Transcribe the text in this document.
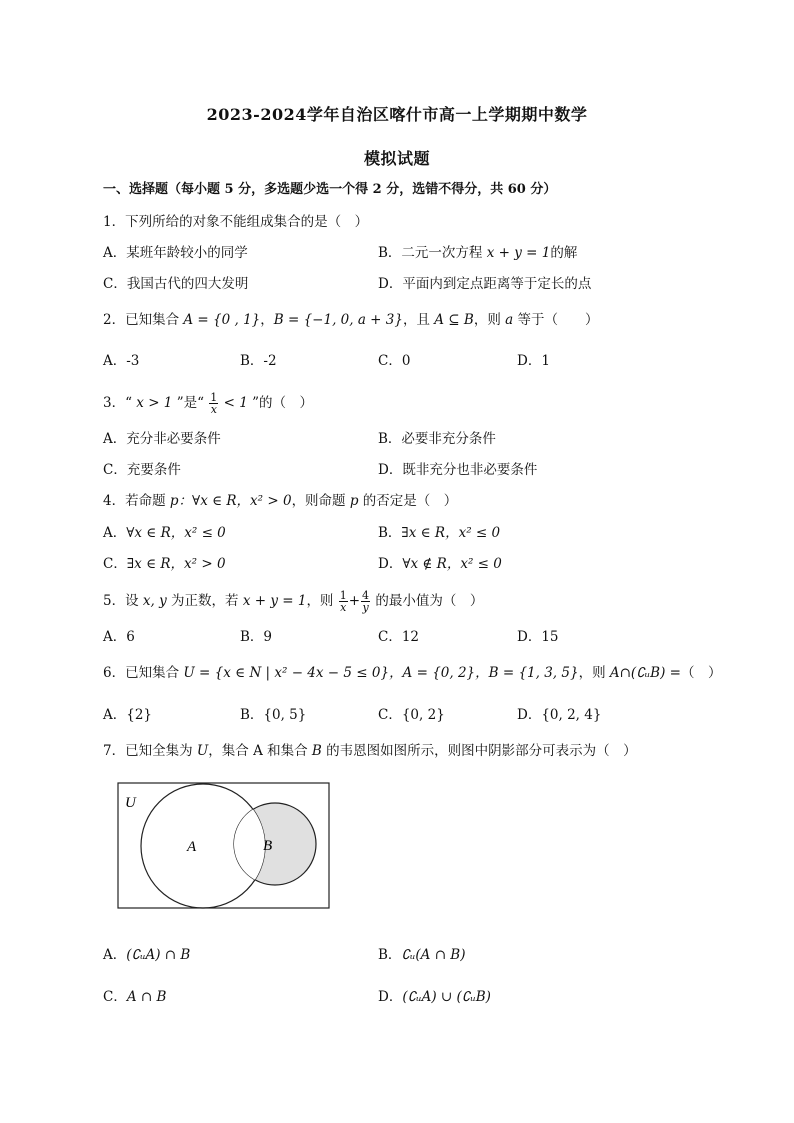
2023-2024学年自治区喀什市高一上学期期中数学
模拟试题
一、选择题（每小题 5 分，多选题少选一个得 2 分，选错不得分，共 60 分）
1．下列所给的对象不能组成集合的是（　）
A．某班年龄较小的同学	B．二元一次方程 x + y = 1的解
C．我国古代的四大发明	D．平面内到定点距离等于定长的点
2．已知集合 A = {0 , 1}，B = {−1, 0, a + 3}，且 A ⊆ B，则 a 等于（　　）
A．-3	B．-2	C．0	D．1
3．“ x > 1 ”是“ $\frac{1}{x} < 1$ ”的（　）
A．充分非必要条件	B．必要非充分条件
C．充要条件	D．既非充分也非必要条件
4．若命题 p：∀x ∈ R，x² > 0，则命题 p 的否定是（　）
A．∀x ∈ R，x² ≤ 0	B．∃x ∈ R，x² ≤ 0
C．∃x ∈ R，x² > 0	D．∀x ∉ R，x² ≤ 0
5．设 x, y 为正数，若 x + y = 1，则 $\frac{1}{x} + \frac{4}{y}$ 的最小值为（　）
A．6	B．9	C．12	D．15
6．已知集合 U = {x ∈ N | x² − 4x − 5 ≤ 0}，A = {0, 2}，B = {1, 3, 5}，则 A∩(∁ᵤB) =（　）
A．{2}	B．{0, 5}	C．{0, 2}	D．{0, 2, 4}
7．已知全集为 U，集合 A 和集合 B 的韦恩图如图所示，则图中阴影部分可表示为（　）
U
A	B
A．(∁ᵤA) ∩ B	B．∁ᵤ(A ∩ B)
C．A ∩ B	D．(∁ᵤA) ∪ (∁ᵤB)
